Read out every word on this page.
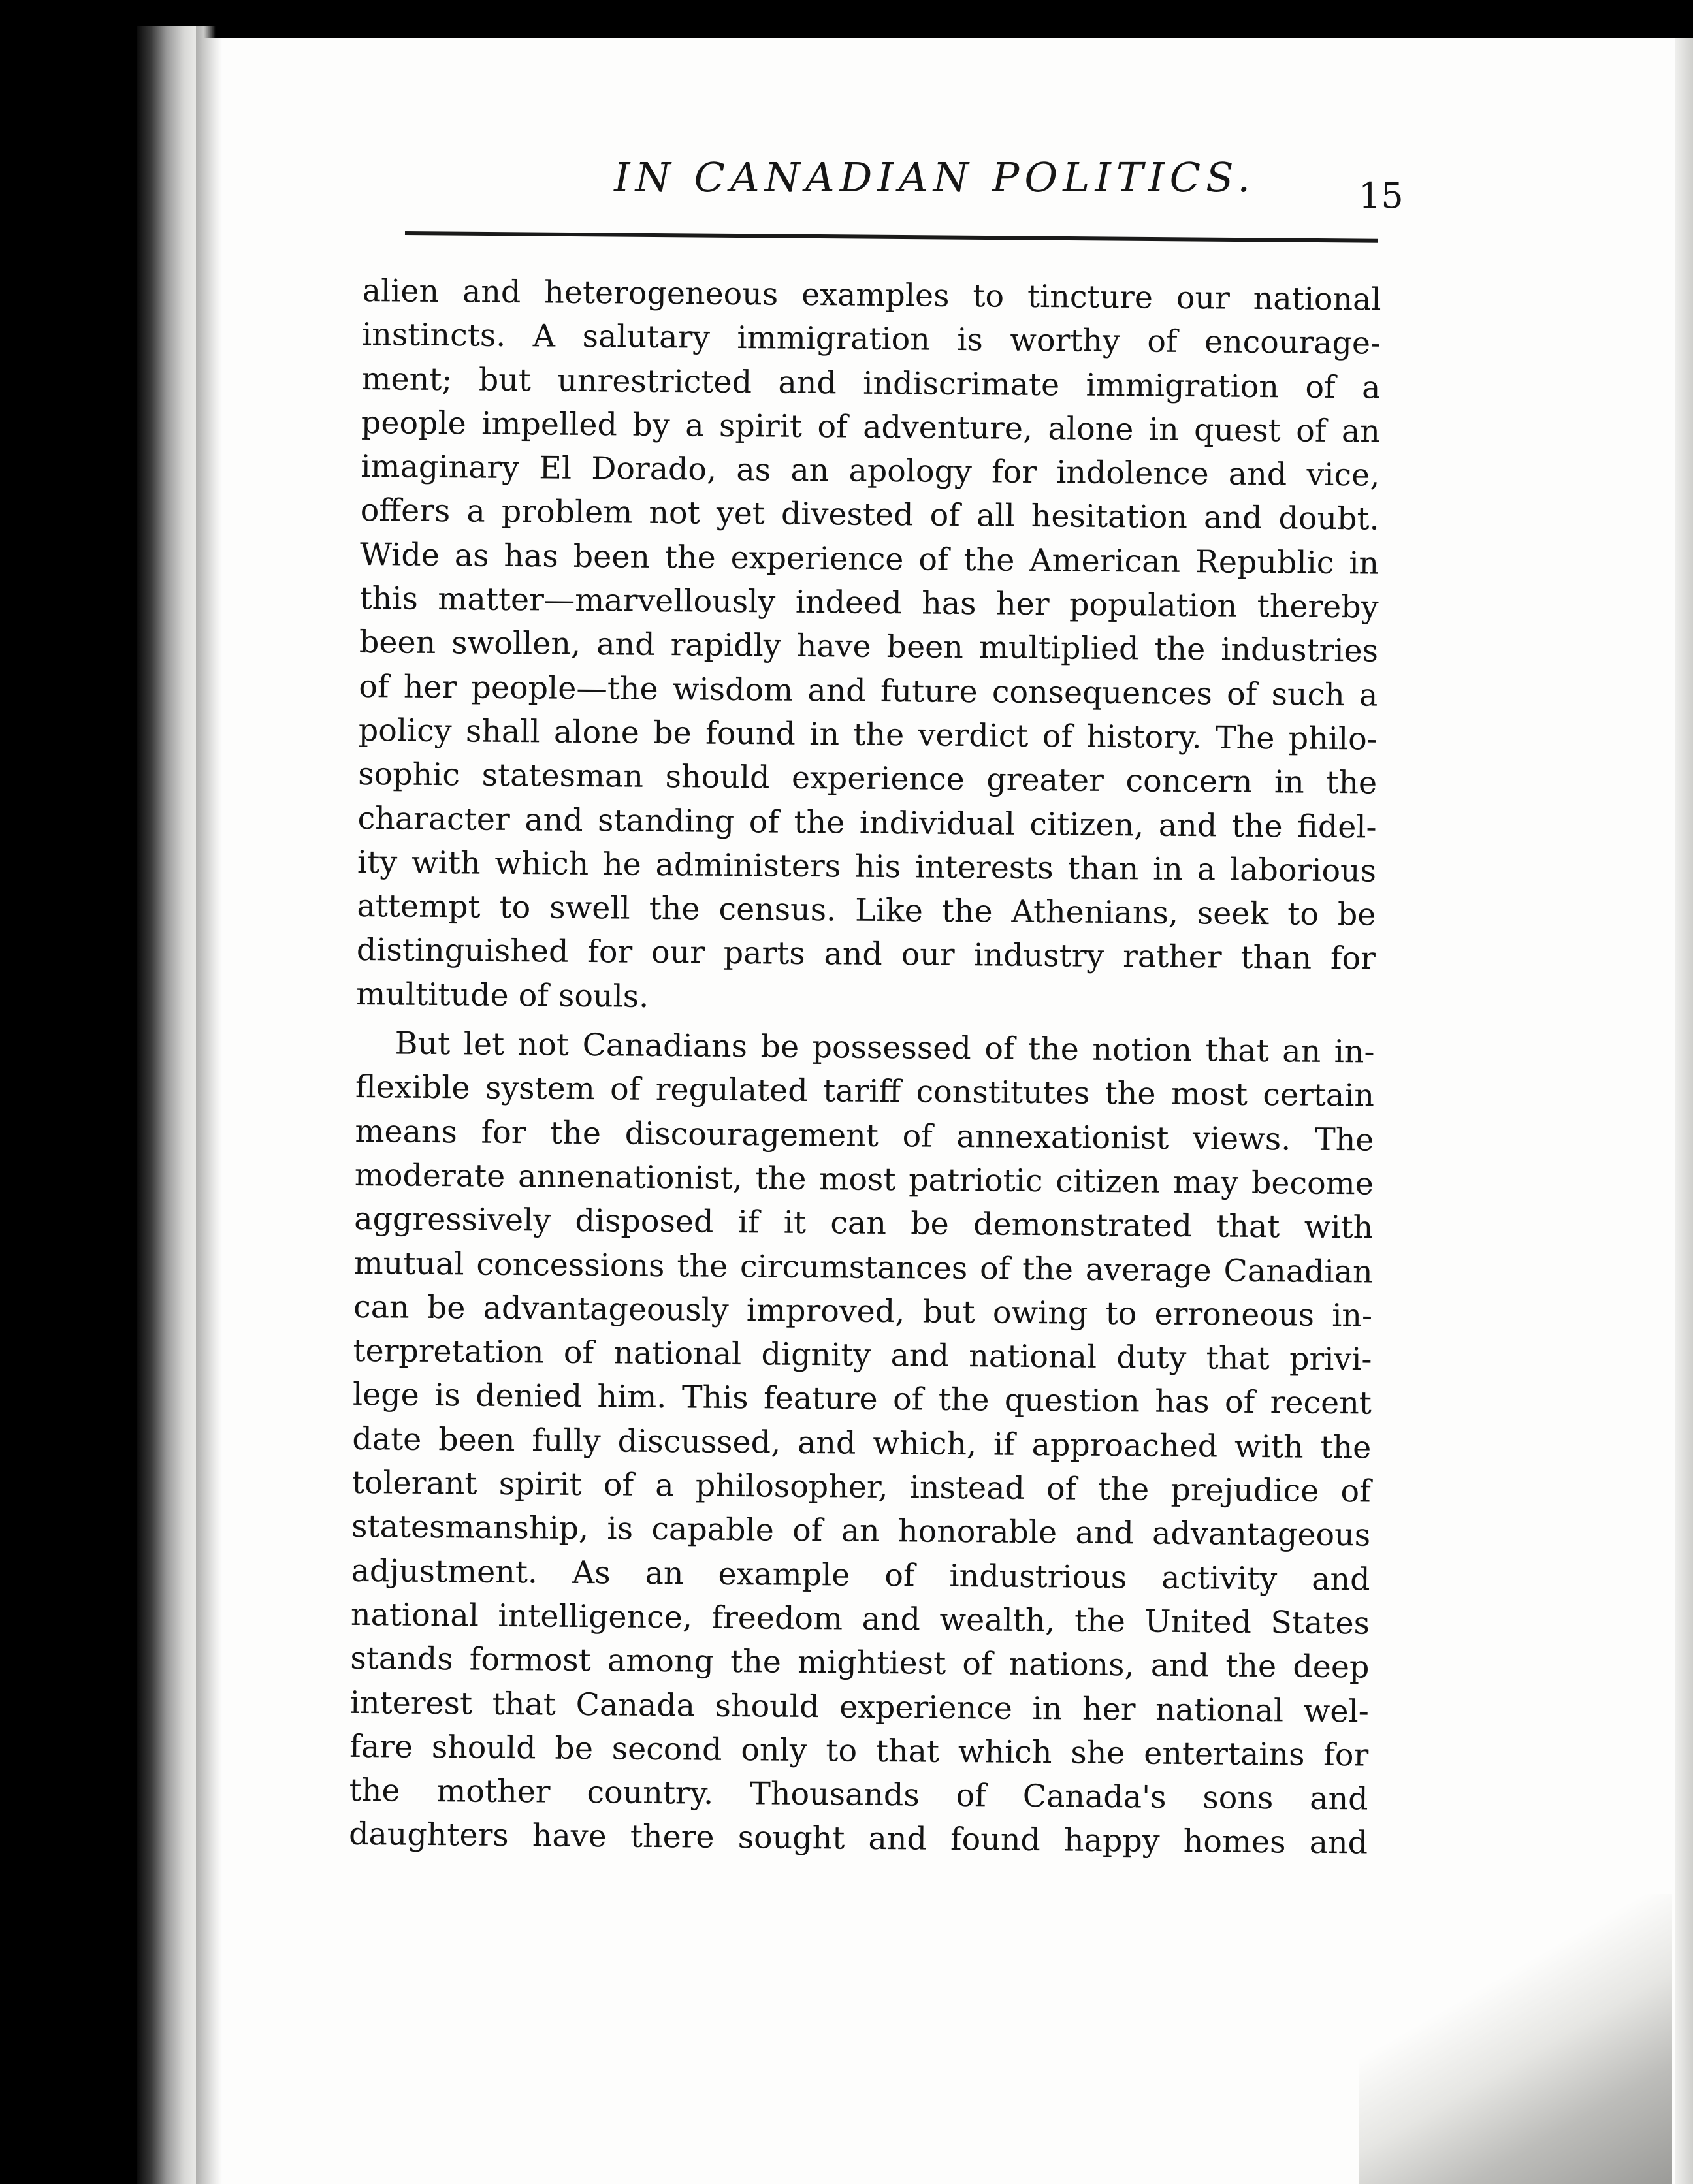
IN CANADIAN POLITICS.	15
alien and heterogeneous examples to tincture our national
instincts. A salutary immigration is worthy of encourage-
ment; but unrestricted and indiscrimate immigration of a
people impelled by a spirit of adventure, alone in quest of an
imaginary El Dorado, as an apology for indolence and vice,
offers a problem not yet divested of all hesitation and doubt.
Wide as has been the experience of the American Republic in
this matter—marvellously indeed has her population thereby
been swollen, and rapidly have been multiplied the industries
of her people—the wisdom and future consequences of such a
policy shall alone be found in the verdict of history. The philo-
sophic statesman should experience greater concern in the
character and standing of the individual citizen, and the fidel-
ity with which he administers his interests than in a laborious
attempt to swell the census. Like the Athenians, seek to be
distinguished for our parts and our industry rather than for
multitude of souls.
But let not Canadians be possessed of the notion that an in-
flexible system of regulated tariff constitutes the most certain
means for the discouragement of annexationist views. The
moderate annenationist, the most patriotic citizen may become
aggressively disposed if it can be demonstrated that with
mutual concessions the circumstances of the average Canadian
can be advantageously improved, but owing to erroneous in-
terpretation of national dignity and national duty that privi-
lege is denied him. This feature of the question has of recent
date been fully discussed, and which, if approached with the
tolerant spirit of a philosopher, instead of the prejudice of
statesmanship, is capable of an honorable and advantageous
adjustment. As an example of industrious activity and
national intelligence, freedom and wealth, the United States
stands formost among the mightiest of nations, and the deep
interest that Canada should experience in her national wel-
fare should be second only to that which she entertains for
the mother country. Thousands of Canada's sons and
daughters have there sought and found happy homes and
